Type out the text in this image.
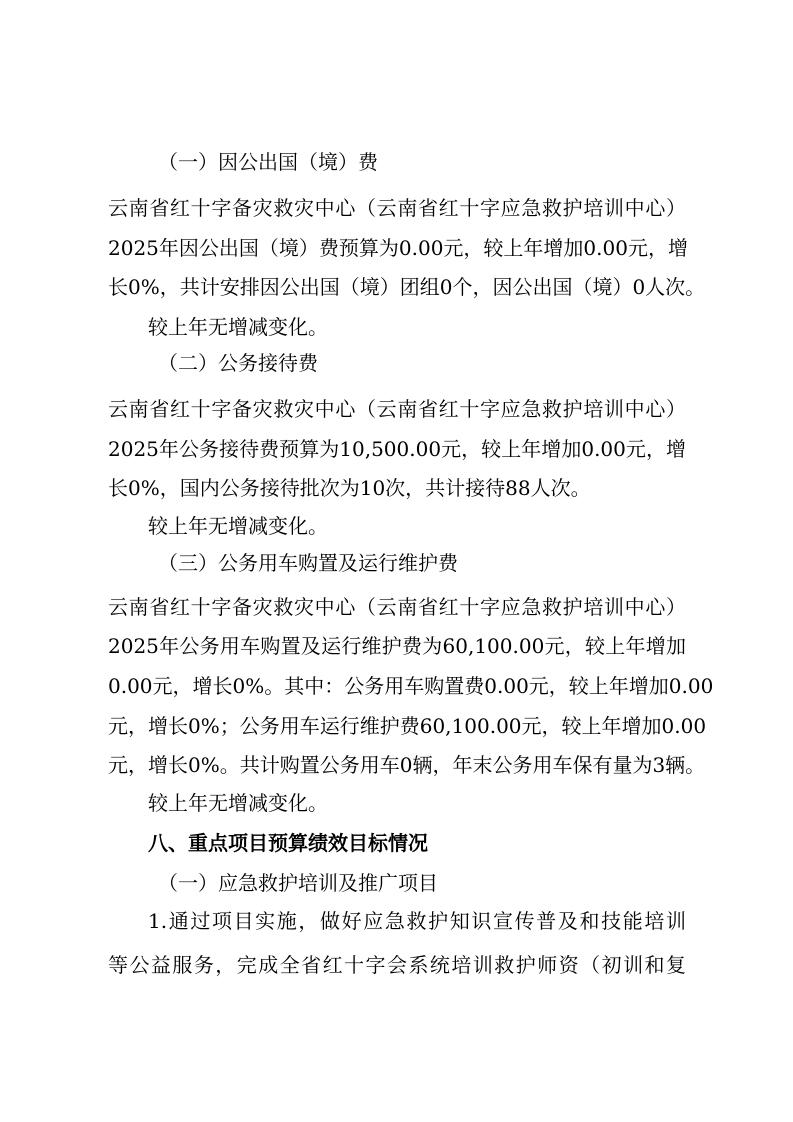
（一）因公出国（境）费

云南省红十字备灾救灾中心（云南省红十字应急救护培训中心）

2025年因公出国（境）费预算为0.00元，较上年增加0.00元，增

长0%，共计安排因公出国（境）团组0个，因公出国（境）0人次。

较上年无增减变化。

（二）公务接待费

云南省红十字备灾救灾中心（云南省红十字应急救护培训中心）

2025年公务接待费预算为10,500.00元，较上年增加0.00元，增

长0%，国内公务接待批次为10次，共计接待88人次。

较上年无增减变化。

（三）公务用车购置及运行维护费

云南省红十字备灾救灾中心（云南省红十字应急救护培训中心）

2025年公务用车购置及运行维护费为60,100.00元，较上年增加

0.00元，增长0%。其中：公务用车购置费0.00元，较上年增加0.00

元，增长0%；公务用车运行维护费60,100.00元，较上年增加0.00

元，增长0%。共计购置公务用车0辆，年末公务用车保有量为3辆。

较上年无增减变化。

八、重点项目预算绩效目标情况

（一）应急救护培训及推广项目

1.通过项目实施，做好应急救护知识宣传普及和技能培训

等公益服务，完成全省红十字会系统培训救护师资（初训和复
